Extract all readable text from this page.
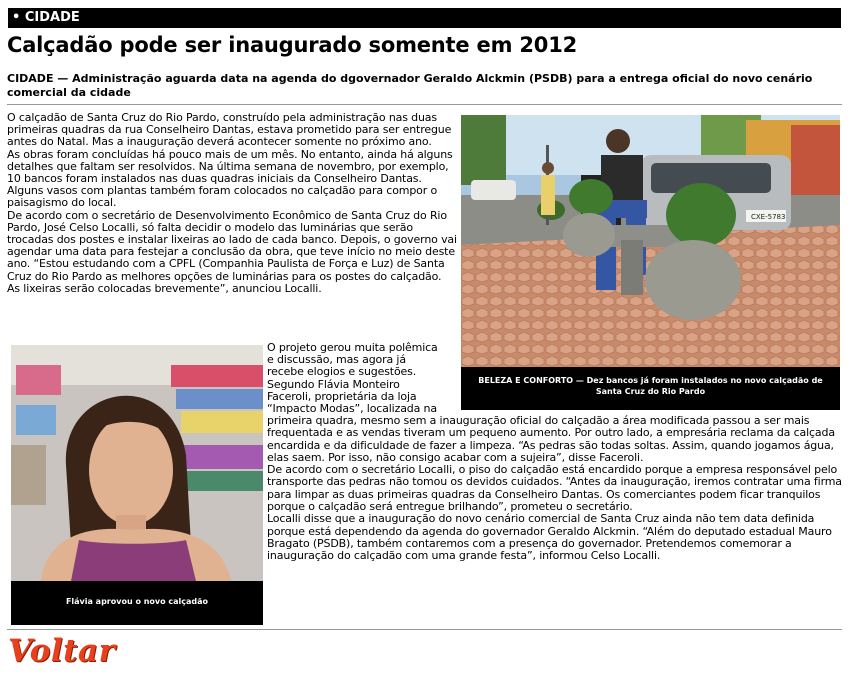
• CIDADE
Calçadão pode ser inaugurado somente em 2012

CIDADE — Administração aguarda data na agenda do dgovernador Geraldo Alckmin (PSDB) para a entrega oficial do novo cenário comercial da cidade

O calçadão de Santa Cruz do Rio Pardo, construído pela administração nas duas primeiras quadras da rua Conselheiro Dantas, estava prometido para ser entregue antes do Natal. Mas a inauguração deverá acontecer somente no próximo ano.

As obras foram concluídas há pouco mais de um mês. No entanto, ainda há alguns detalhes que faltam ser resolvidos. Na última semana de novembro, por exemplo, 10 bancos foram instalados nas duas quadras iniciais da Conselheiro Dantas. Alguns vasos com plantas também foram colocados no calçadão para compor o paisagismo do local.

De acordo com o secretário de Desenvolvimento Econômico de Santa Cruz do Rio Pardo, José Celso Localli, só falta decidir o modelo das luminárias que serão trocadas dos postes e instalar lixeiras ao lado de cada banco. Depois, o governo vai agendar uma data para festejar a conclusão da obra, que teve início no meio deste ano. “Estou estudando com a CPFL (Companhia Paulista de Força e Luz) de Santa Cruz do Rio Pardo as melhores opções de luminárias para os postes do calçadão. As lixeiras serão colocadas brevemente”, anunciou Localli.

CXE-5783
BELEZA E CONFORTO — Dez bancos já foram instalados no novo calçadão de Santa Cruz do Rio Pardo
Flávia aprovou o novo calçadão

O projeto gerou muita polêmica

e discussão, mas agora já

recebe elogios e sugestões.

Segundo Flávia Monteiro

Faceroli, proprietária da loja

“Impacto Modas”, localizada na

primeira quadra, mesmo sem a inauguração oficial do calçadão a área modificada passou a ser mais frequentada e as vendas tiveram um pequeno aumento. Por outro lado, a empresária reclama da calçada encardida e da dificuldade de fazer a limpeza. “As pedras são todas soltas. Assim, quando jogamos água, elas saem. Por isso, não consigo acabar com a sujeira”, disse Faceroli.

De acordo com o secretário Localli, o piso do calçadão está encardido porque a empresa responsável pelo transporte das pedras não tomou os devidos cuidados. “Antes da inauguração, iremos contratar uma firma para limpar as duas primeiras quadras da Conselheiro Dantas. Os comerciantes podem ficar tranquilos porque o calçadão será entregue brilhando”, prometeu o secretário.

Localli disse que a inauguração do novo cenário comercial de Santa Cruz ainda não tem data definida porque está dependendo da agenda do governador Geraldo Alckmin. “Além do deputado estadual Mauro Bragato (PSDB), também contaremos com a presença do governador. Pretendemos comemorar a inauguração do calçadão com uma grande festa”, informou Celso Localli.

Voltar
